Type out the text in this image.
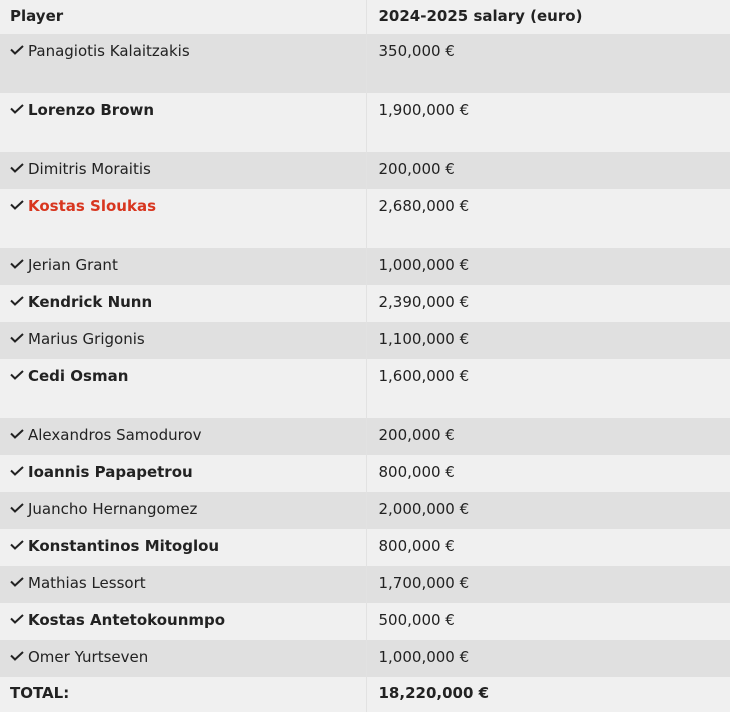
Player	2024-2025 salary (euro)

Panagiotis Kalaitzakis	350,000 €

Lorenzo Brown	1,900,000 €

Dimitris Moraitis	200,000 €

Kostas Sloukas	2,680,000 €

Jerian Grant	1,000,000 €

Kendrick Nunn	2,390,000 €

Marius Grigonis	1,100,000 €

Cedi Osman	1,600,000 €

Alexandros Samodurov	200,000 €

Ioannis Papapetrou	800,000 €

Juancho Hernangomez	2,000,000 €

Konstantinos Mitoglou	800,000 €

Mathias Lessort	1,700,000 €

Kostas Antetokounmpo	500,000 €

Omer Yurtseven	1,000,000 €

TOTAL:	18,220,000 €
